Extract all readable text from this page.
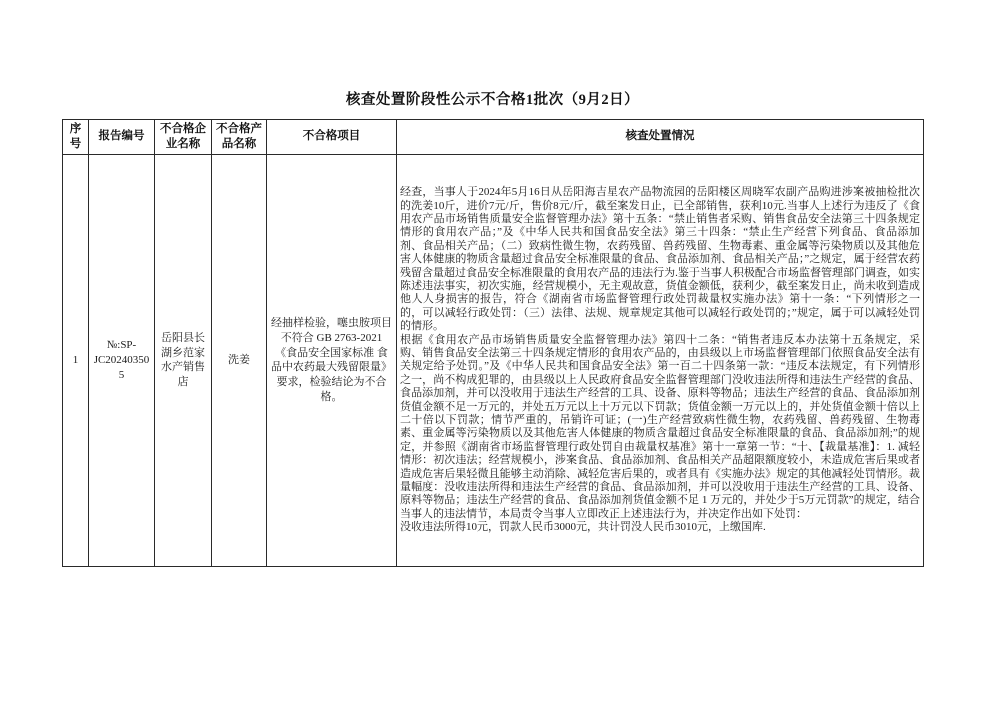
核查处置阶段性公示不合格1批次（9月2日）
序号	报告编号	不合格企业名称	不合格产品名称	不合格项目	核查处置情况
1	№:SP-JC202403505	岳阳县长湖乡范家水产销售店	洗姜	经抽样检验，噻虫胺项目不符合 GB 2763-2021《食品安全国家标准 食品中农药最大残留限量》要求，检验结论为不合格。	经查，当事人于2024年5月16日从岳阳海吉星农产品物流园的岳阳楼区周晓军农副产品购进涉案被抽检批次的洗姜10斤，进价7元/斤，售价8元/斤，截至案发日止，已全部销售，获利10元.当事人上述行为违反了《食用农产品市场销售质量安全监督管理办法》第十五条：“禁止销售者采购、销售食品安全法第三十四条规定情形的食用农产品；”及《中华人民共和国食品安全法》第三十四条：“禁止生产经营下列食品、食品添加剂、食品相关产品；（二）致病性微生物，农药残留、兽药残留、生物毒素、重金属等污染物质以及其他危害人体健康的物质含量超过食品安全标准限量的食品、食品添加剂、食品相关产品；”之规定，属于经营农药残留含量超过食品安全标准限量的食用农产品的违法行为.鉴于当事人积极配合市场监督管理部门调查，如实陈述违法事实，初次实施，经营规模小，无主观故意，货值金额低，获利少，截至案发日止，尚未收到造成他人人身损害的报告，符合《湖南省市场监督管理行政处罚裁量权实施办法》第十一条：“下列情形之一的，可以减轻行政处罚：（三）法律、法规、规章规定其他可以减轻行政处罚的；”规定，属于可以减轻处罚的情形。

根据《食用农产品市场销售质量安全监督管理办法》第四十二条：“销售者违反本办法第十五条规定，采购、销售食品安全法第三十四条规定情形的食用农产品的，由县级以上市场监督管理部门依照食品安全法有关规定给予处罚。”及《中华人民共和国食品安全法》第一百二十四条第一款：“违反本法规定，有下列情形之一，尚不构成犯罪的，由县级以上人民政府食品安全监督管理部门没收违法所得和违法生产经营的食品、食品添加剂，并可以没收用于违法生产经营的工具、设备、原料等物品；违法生产经营的食品、食品添加剂货值金额不足一万元的，并处五万元以上十万元以下罚款；货值金额一万元以上的，并处货值金额十倍以上二十倍以下罚款；情节严重的，吊销许可证；(一)生产经营致病性微生物，农药残留、兽药残留、生物毒素、重金属等污染物质以及其他危害人体健康的物质含量超过食品安全标准限量的食品、食品添加剂;”的规定，并参照《湖南省市场监督管理行政处罚自由裁量权基准》第十一章第一节：“十、【裁量基准】：1. 减轻情形：初次违法；经营规模小，涉案食品、食品添加剂、食品相关产品超限额度较小，未造成危害后果或者造成危害后果轻微且能够主动消除、减轻危害后果的，或者具有《实施办法》规定的其他减轻处罚情形。裁量幅度：没收违法所得和违法生产经营的食品、食品添加剂，并可以没收用于违法生产经营的工具、设备、原料等物品；违法生产经营的食品、食品添加剂货值金额不足 1 万元的，并处少于5万元罚款”的规定，结合当事人的违法情节，本局责令当事人立即改正上述违法行为，并决定作出如下处罚：

没收违法所得10元，罚款人民币3000元，共计罚没人民币3010元，上缴国库.
